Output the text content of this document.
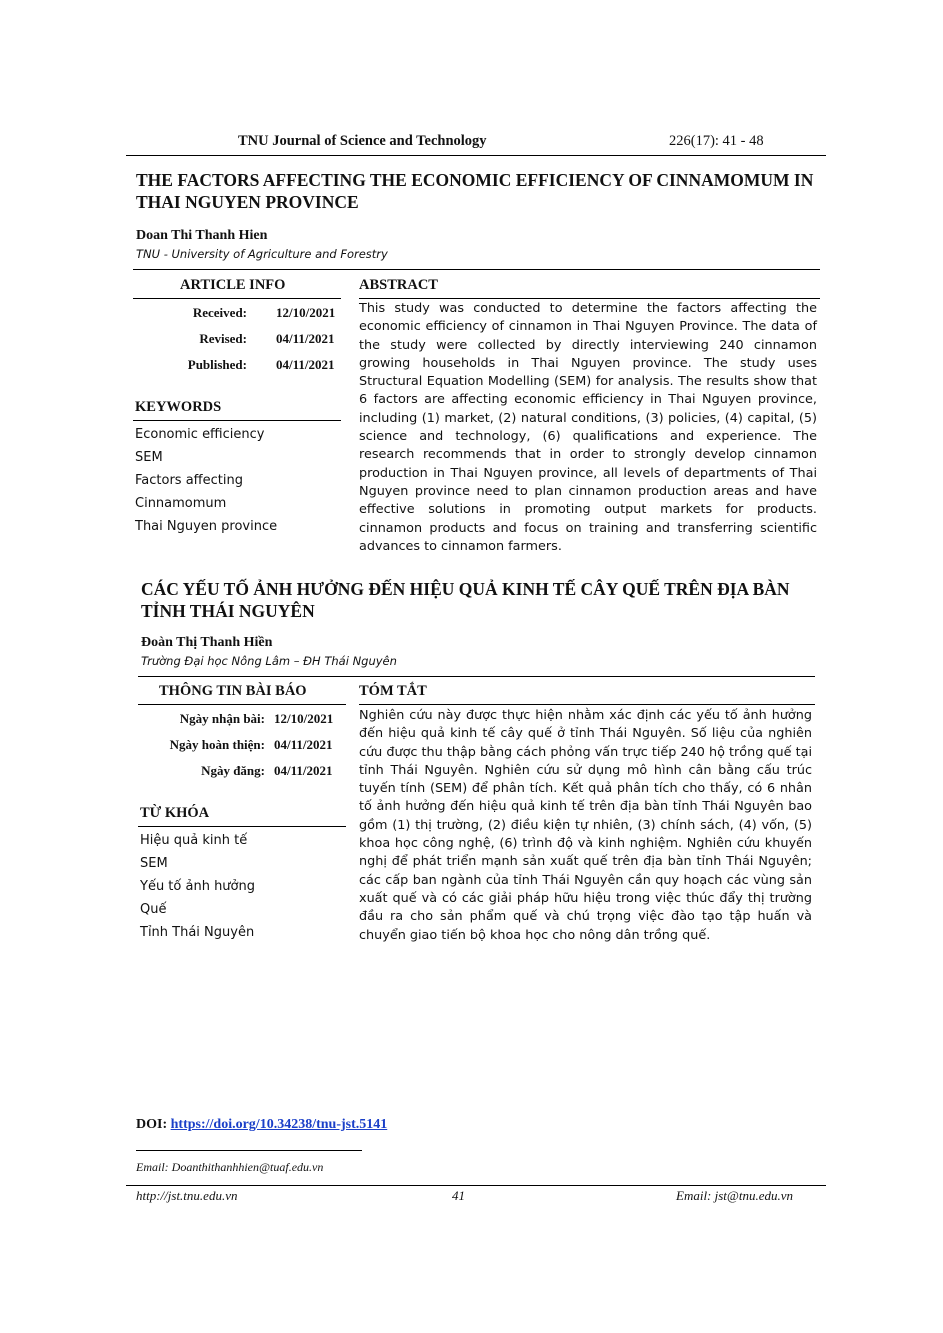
TNU Journal of Science and Technology	226(17): 41 - 48
THE FACTORS AFFECTING THE ECONOMIC EFFICIENCY OF CINNAMOMUM IN THAI NGUYEN PROVINCE
Doan Thi Thanh Hien
TNU - University of Agriculture and Forestry
ARTICLE INFO	ABSTRACT
Received: 12/10/2021
Revised: 04/11/2021
Published: 04/11/2021
KEYWORDS
Economic efficiency
SEM
Factors affecting
Cinnamomum
Thai Nguyen province
This study was conducted to determine the factors affecting the economic efficiency of cinnamon in Thai Nguyen Province. The data of the study were collected by directly interviewing 240 cinnamon growing households in Thai Nguyen province. The study uses Structural Equation Modelling (SEM) for analysis. The results show that 6 factors are affecting economic efficiency in Thai Nguyen province, including (1) market, (2) natural conditions, (3) policies, (4) capital, (5) science and technology, (6) qualifications and experience. The research recommends that in order to strongly develop cinnamon production in Thai Nguyen province, all levels of departments of Thai Nguyen province need to plan cinnamon production areas and have effective solutions in promoting output markets for products. cinnamon products and focus on training and transferring scientific advances to cinnamon farmers.
CÁC YẾU TỐ ẢNH HƯỞNG ĐẾN HIỆU QUẢ KINH TẾ CÂY QUẾ TRÊN ĐỊA BÀN TỈNH THÁI NGUYÊN
Đoàn Thị Thanh Hiền
Trường Đại học Nông Lâm – ĐH Thái Nguyên
THÔNG TIN BÀI BÁO	TÓM TẮT
Ngày nhận bài: 12/10/2021
Ngày hoàn thiện: 04/11/2021
Ngày đăng: 04/11/2021
TỪ KHÓA
Hiệu quả kinh tế
SEM
Yếu tố ảnh hưởng
Quế
Tỉnh Thái Nguyên
Nghiên cứu này được thực hiện nhằm xác định các yếu tố ảnh hưởng đến hiệu quả kinh tế cây quế ở tỉnh Thái Nguyên. Số liệu của nghiên cứu được thu thập bằng cách phỏng vấn trực tiếp 240 hộ trồng quế tại tỉnh Thái Nguyên. Nghiên cứu sử dụng mô hình cân bằng cấu trúc tuyến tính (SEM) để phân tích. Kết quả phân tích cho thấy, có 6 nhân tố ảnh hưởng đến hiệu quả kinh tế trên địa bàn tỉnh Thái Nguyên bao gồm (1) thị trường, (2) điều kiện tự nhiên, (3) chính sách, (4) vốn, (5) khoa học công nghệ, (6) trình độ và kinh nghiệm. Nghiên cứu khuyến nghị để phát triển mạnh sản xuất quế trên địa bàn tỉnh Thái Nguyên; các cấp ban ngành của tỉnh Thái Nguyên cần quy hoạch các vùng sản xuất quế và có các giải pháp hữu hiệu trong việc thúc đẩy thị trường đầu ra cho sản phẩm quế và chú trọng việc đào tạo tập huấn và chuyển giao tiến bộ khoa học cho nông dân trồng quế.
DOI: https://doi.org/10.34238/tnu-jst.5141
Email: Doanthithanhhien@tuaf.edu.vn
http://jst.tnu.edu.vn	41	Email: jst@tnu.edu.vn
